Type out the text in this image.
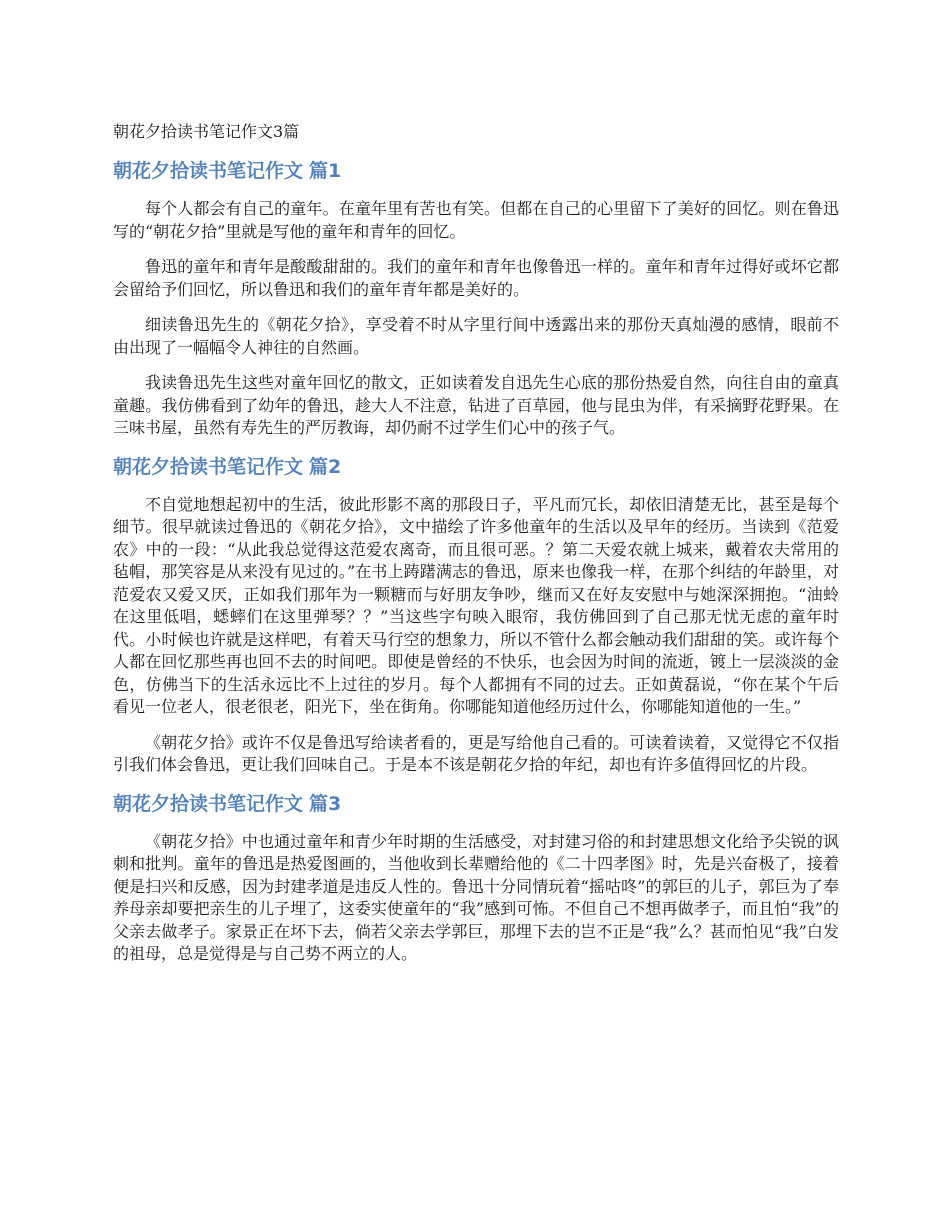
朝花夕拾读书笔记作文3篇
朝花夕拾读书笔记作文 篇1

每个人都会有自己的童年。在童年里有苦也有笑。但都在自己的心里留下了美好的回忆。则在鲁迅写的“朝花夕拾”里就是写他的童年和青年的回忆。

鲁迅的童年和青年是酸酸甜甜的。我们的童年和青年也像鲁迅一样的。童年和青年过得好或坏它都会留给予们回忆，所以鲁迅和我们的童年青年都是美好的。

细读鲁迅先生的《朝花夕拾》，享受着不时从字里行间中透露出来的那份天真灿漫的感情，眼前不由出现了一幅幅令人神往的自然画。

我读鲁迅先生这些对童年回忆的散文，正如读着发自迅先生心底的那份热爱自然，向往自由的童真童趣。我仿佛看到了幼年的鲁迅，趁大人不注意，钻进了百草园，他与昆虫为伴，有采摘野花野果。在三味书屋，虽然有寿先生的严厉教诲，却仍耐不过学生们心中的孩子气。

朝花夕拾读书笔记作文 篇2

不自觉地想起初中的生活，彼此形影不离的那段日子，平凡而冗长，却依旧清楚无比，甚至是每个细节。很早就读过鲁迅的《朝花夕拾》，文中描绘了许多他童年的生活以及早年的经历。当读到《范爱农》中的一段：“从此我总觉得这范爱农离奇，而且很可恶。？第二天爱农就上城来，戴着农夫常用的毡帽，那笑容是从来没有见过的。”在书上踌躇满志的鲁迅，原来也像我一样，在那个纠结的年龄里，对范爱农又爱又厌，正如我们那年为一颗糖而与好朋友争吵，继而又在好友安慰中与她深深拥抱。“油蛉在这里低唱，蟋蟀们在这里弹琴？？”当这些字句映入眼帘，我仿佛回到了自己那无忧无虑的童年时代。小时候也许就是这样吧，有着天马行空的想象力，所以不管什么都会触动我们甜甜的笑。或许每个人都在回忆那些再也回不去的时间吧。即使是曾经的不快乐，也会因为时间的流逝，镀上一层淡淡的金色，仿佛当下的生活永远比不上过往的岁月。每个人都拥有不同的过去。正如黄磊说，“你在某个午后看见一位老人，很老很老，阳光下，坐在街角。你哪能知道他经历过什么，你哪能知道他的一生。”

《朝花夕拾》或许不仅是鲁迅写给读者看的，更是写给他自己看的。可读着读着，又觉得它不仅指引我们体会鲁迅，更让我们回味自己。于是本不该是朝花夕拾的年纪，却也有许多值得回忆的片段。

朝花夕拾读书笔记作文 篇3

《朝花夕拾》中也通过童年和青少年时期的生活感受，对封建习俗的和封建思想文化给予尖锐的讽刺和批判。童年的鲁迅是热爱图画的，当他收到长辈赠给他的《二十四孝图》时，先是兴奋极了，接着便是扫兴和反感，因为封建孝道是违反人性的。鲁迅十分同情玩着“摇咕咚”的郭巨的儿子，郭巨为了奉养母亲却要把亲生的儿子埋了，这委实使童年的“我”感到可怖。不但自己不想再做孝子，而且怕“我”的父亲去做孝子。家景正在坏下去，倘若父亲去学郭巨，那埋下去的岂不正是“我”么？甚而怕见“我”白发的祖母，总是觉得是与自己势不两立的人。
